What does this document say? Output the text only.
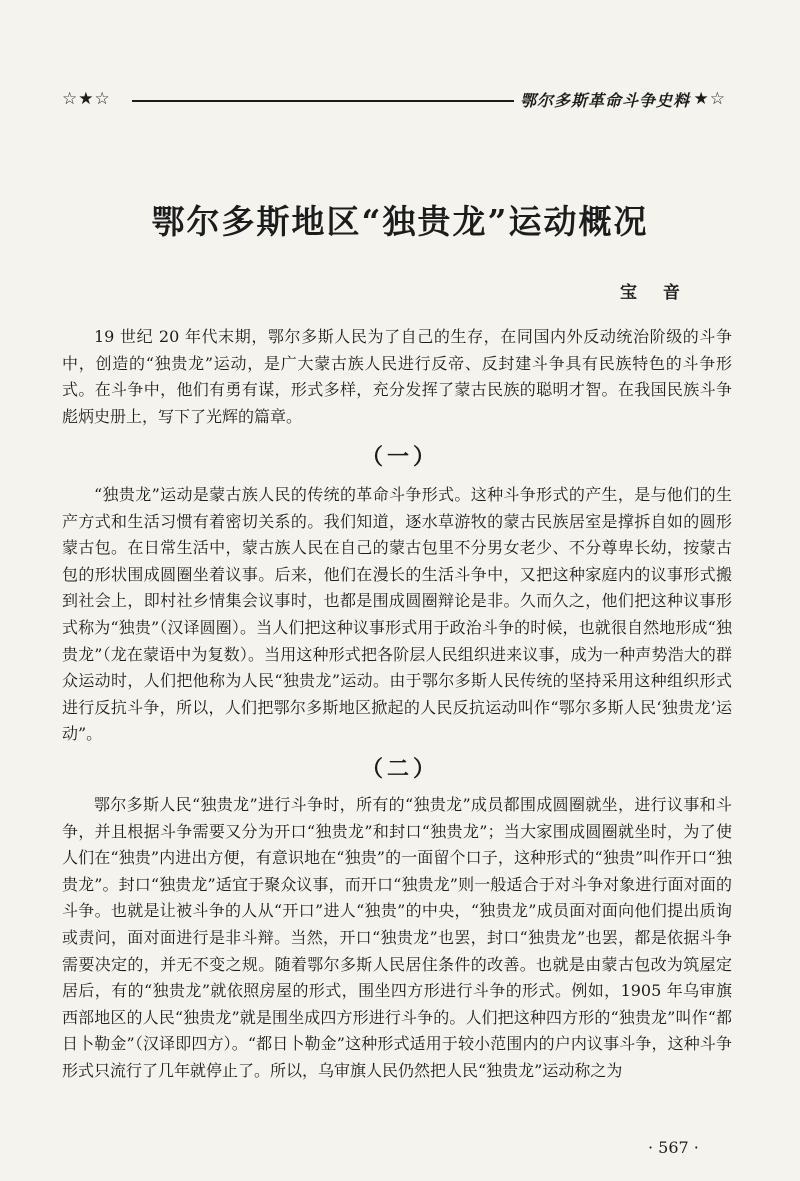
☆★☆	鄂尔多斯革命斗争史料
☆★☆
鄂尔多斯地区“独贵龙”运动概况
宝 音

19 世纪 20 年代末期，鄂尔多斯人民为了自己的生存，在同国内外反动统治阶级的斗争中，创造的“独贵龙”运动，是广大蒙古族人民进行反帝、反封建斗争具有民族特色的斗争形式。在斗争中，他们有勇有谋，形式多样，充分发挥了蒙古民族的聪明才智。在我国民族斗争彪炳史册上，写下了光辉的篇章。

（一）

“独贵龙”运动是蒙古族人民的传统的革命斗争形式。这种斗争形式的产生，是与他们的生产方式和生活习惯有着密切关系的。我们知道，逐水草游牧的蒙古民族居室是撑拆自如的圆形蒙古包。在日常生活中，蒙古族人民在自己的蒙古包里不分男女老少、不分尊卑长幼，按蒙古包的形状围成圆圈坐着议事。后来，他们在漫长的生活斗争中，又把这种家庭内的议事形式搬到社会上，即村社乡情集会议事时，也都是围成圆圈辩论是非。久而久之，他们把这种议事形式称为“独贵”（汉译圆圈）。当人们把这种议事形式用于政治斗争的时候，也就很自然地形成“独贵龙”（龙在蒙语中为复数）。当用这种形式把各阶层人民组织进来议事，成为一种声势浩大的群众运动时，人们把他称为人民“独贵龙”运动。由于鄂尔多斯人民传统的坚持采用这种组织形式进行反抗斗争，所以，人们把鄂尔多斯地区掀起的人民反抗运动叫作“鄂尔多斯人民‘独贵龙’运动”。

（二）

鄂尔多斯人民“独贵龙”进行斗争时，所有的“独贵龙”成员都围成圆圈就坐，进行议事和斗争，并且根据斗争需要又分为开口“独贵龙”和封口“独贵龙”；当大家围成圆圈就坐时，为了使人们在“独贵”内进出方便，有意识地在“独贵”的一面留个口子，这种形式的“独贵”叫作开口“独贵龙”。封口“独贵龙”适宜于聚众议事，而开口“独贵龙”则一般适合于对斗争对象进行面对面的斗争。也就是让被斗争的人从“开口”进人“独贵”的中央，“独贵龙”成员面对面向他们提出质询或责问，面对面进行是非斗辩。当然，开口“独贵龙”也罢，封口“独贵龙”也罢，都是依据斗争需要决定的，并无不变之规。随着鄂尔多斯人民居住条件的改善。也就是由蒙古包改为筑屋定居后，有的“独贵龙”就依照房屋的形式，围坐四方形进行斗争的形式。例如，1905 年乌审旗西部地区的人民“独贵龙”就是围坐成四方形进行斗争的。人们把这种四方形的“独贵龙”叫作“都日卜勒金”（汉译即四方）。“都日卜勒金”这种形式适用于较小范围内的户内议事斗争，这种斗争形式只流行了几年就停止了。所以，乌审旗人民仍然把人民“独贵龙”运动称之为

· 567 ·
